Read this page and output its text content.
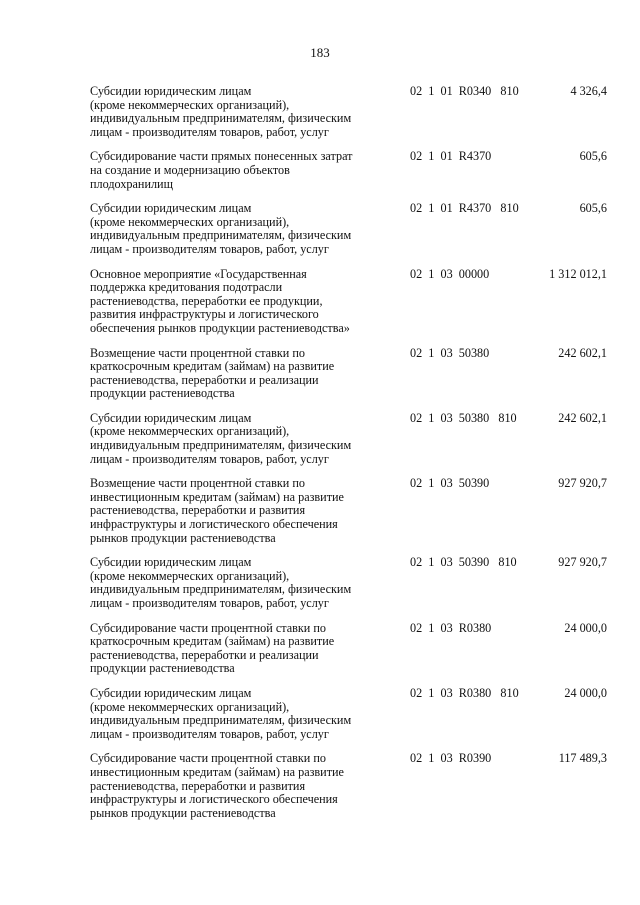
183
Субсидии юридическим лицам
(кроме некоммерческих организаций),
индивидуальным предпринимателям, физическим
лицам - производителям товаров, работ, услуг
02  1  01  R0340   810	4 326,4
Субсидирование части прямых понесенных затрат
на создание и модернизацию объектов
плодохранилищ
02  1  01  R4370	605,6
Субсидии юридическим лицам
(кроме некоммерческих организаций),
индивидуальным предпринимателям, физическим
лицам - производителям товаров, работ, услуг
02  1  01  R4370   810	605,6
Основное мероприятие «Государственная
поддержка кредитования подотрасли
растениеводства, переработки ее продукции,
развития инфраструктуры и логистического
обеспечения рынков продукции растениеводства»
02  1  03  00000	1 312 012,1
Возмещение части процентной ставки по
краткосрочным кредитам (займам) на развитие
растениеводства, переработки и реализации
продукции растениеводства
02  1  03  50380	242 602,1
Субсидии юридическим лицам
(кроме некоммерческих организаций),
индивидуальным предпринимателям, физическим
лицам - производителям товаров, работ, услуг
02  1  03  50380   810	242 602,1
Возмещение части процентной ставки по
инвестиционным кредитам (займам) на развитие
растениеводства, переработки и развития
инфраструктуры и логистического обеспечения
рынков продукции растениеводства
02  1  03  50390	927 920,7
Субсидии юридическим лицам
(кроме некоммерческих организаций),
индивидуальным предпринимателям, физическим
лицам - производителям товаров, работ, услуг
02  1  03  50390   810	927 920,7
Субсидирование части процентной ставки по
краткосрочным кредитам (займам) на развитие
растениеводства, переработки и реализации
продукции растениеводства
02  1  03  R0380	24 000,0
Субсидии юридическим лицам
(кроме некоммерческих организаций),
индивидуальным предпринимателям, физическим
лицам - производителям товаров, работ, услуг
02  1  03  R0380   810	24 000,0
Субсидирование части процентной ставки по
инвестиционным кредитам (займам) на развитие
растениеводства, переработки и развития
инфраструктуры и логистического обеспечения
рынков продукции растениеводства
02  1  03  R0390	117 489,3
